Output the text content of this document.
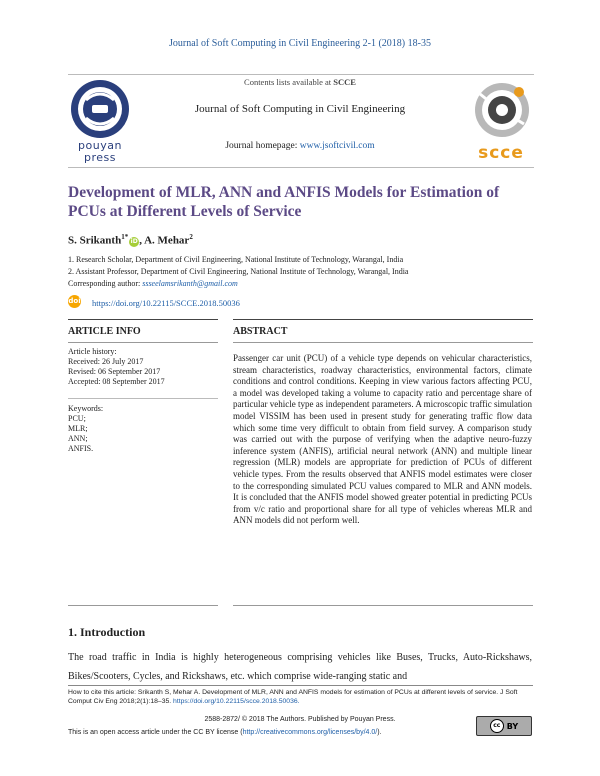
Journal of Soft Computing in Civil Engineering 2-1 (2018) 18-35
pouyan
press
Contents lists available at SCCE
Journal of Soft Computing in Civil Engineering
Journal homepage: www.jsoftcivil.com	scce
Development of MLR, ANN and ANFIS Models for Estimation of PCUs at Different Levels of Service
S. Srikanth$^{1*}$iD, A. Mehar$^2$
1. Research Scholar, Department of Civil Engineering, National Institute of Technology, Warangal, India
2. Assistant Professor, Department of Civil Engineering, National Institute of Technology, Warangal, India
Corresponding author: ssseelamsrikanth@gmail.com
doi https://doi.org/10.22115/SCCE.2018.50036
ARTICLE INFO	ABSTRACT
Article history:
Received: 26 July 2017
Revised: 06 September 2017
Accepted: 08 September 2017
Keywords:
PCU;
MLR;
ANN;
ANFIS.
Passenger car unit (PCU) of a vehicle type depends on vehicular characteristics, stream characteristics, roadway characteristics, environmental factors, climate conditions and control conditions. Keeping in view various factors affecting PCU, a model was developed taking a volume to capacity ratio and percentage share of particular vehicle type as independent parameters. A microscopic traffic simulation model VISSIM has been used in present study for generating traffic flow data which some time very difficult to obtain from field survey. A comparison study was carried out with the purpose of verifying when the adaptive neuro-fuzzy inference system (ANFIS), artificial neural network (ANN) and multiple linear regression (MLR) models are appropriate for prediction of PCUs of different vehicle types. From the results observed that ANFIS model estimates were closer to the corresponding simulated PCU values compared to MLR and ANN models. It is concluded that the ANFIS model showed greater potential in predicting PCUs from v/c ratio and proportional share for all type of vehicles whereas MLR and ANN models did not perform well.
1. Introduction
The road traffic in India is highly heterogeneous comprising vehicles like Buses, Trucks, Auto-Rickshaws, Bikes/Scooters, Cycles, and Rickshaws, etc. which comprise wide-ranging static and
How to cite this article: Srikanth S, Mehar A. Development of MLR, ANN and ANFIS models for estimation of PCUs at different levels of service. J Soft Comput Civ Eng 2018;2(1):18–35. https://doi.org/10.22115/scce.2018.50036.
2588-2872/ © 2018 The Authors. Published by Pouyan Press.
This is an open access article under the CC BY license (http://creativecommons.org/licenses/by/4.0/).
cc BY
